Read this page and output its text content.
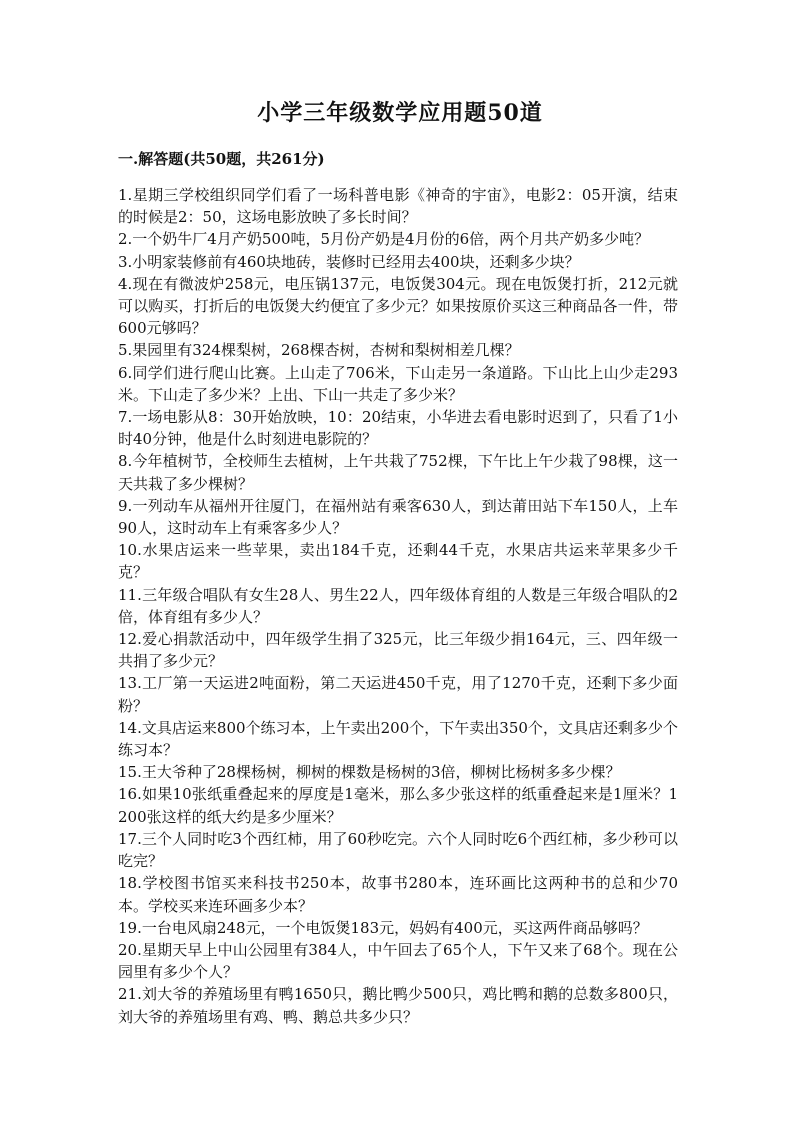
小学三年级数学应用题50道
一.解答题(共50题，共261分)
1.星期三学校组织同学们看了一场科普电影《神奇的宇宙》，电影2：05开演，结束的时候是2：50，这场电影放映了多长时间？
2.一个奶牛厂4月产奶500吨，5月份产奶是4月份的6倍，两个月共产奶多少吨？
3.小明家装修前有460块地砖，装修时已经用去400块，还剩多少块？
4.现在有微波炉258元，电压锅137元，电饭煲304元。现在电饭煲打折，212元就可以购买，打折后的电饭煲大约便宜了多少元？如果按原价买这三种商品各一件，带600元够吗？
5.果园里有324棵梨树，268棵杏树，杏树和梨树相差几棵？
6.同学们进行爬山比赛。上山走了706米，下山走另一条道路。下山比上山少走293米。下山走了多少米？上出、下山一共走了多少米？
7.一场电影从8：30开始放映，10：20结束，小华进去看电影时迟到了，只看了1小时40分钟，他是什么时刻进电影院的？
8.今年植树节，全校师生去植树，上午共栽了752棵，下午比上午少栽了98棵，这一天共栽了多少棵树？
9.一列动车从福州开往厦门，在福州站有乘客630人，到达莆田站下车150人，上车90人，这时动车上有乘客多少人？
10.水果店运来一些苹果，卖出184千克，还剩44千克，水果店共运来苹果多少千克？
11.三年级合唱队有女生28人、男生22人，四年级体育组的人数是三年级合唱队的2倍，体育组有多少人？
12.爱心捐款活动中，四年级学生捐了325元，比三年级少捐164元，三、四年级一共捐了多少元？
13.工厂第一天运进2吨面粉，第二天运进450千克，用了1270千克，还剩下多少面粉？
14.文具店运来800个练习本，上午卖出200个，下午卖出350个，文具店还剩多少个练习本？
15.王大爷种了28棵杨树，柳树的棵数是杨树的3倍，柳树比杨树多多少棵？
16.如果10张纸重叠起来的厚度是1毫米，那么多少张这样的纸重叠起来是1厘米？1200张这样的纸大约是多少厘米？
17.三个人同时吃3个西红柿，用了60秒吃完。六个人同时吃6个西红柿，多少秒可以吃完？
18.学校图书馆买来科技书250本，故事书280本，连环画比这两种书的总和少70本。学校买来连环画多少本？
19.一台电风扇248元，一个电饭煲183元，妈妈有400元，买这两件商品够吗？
20.星期天早上中山公园里有384人，中午回去了65个人，下午又来了68个。现在公园里有多少个人？
21.刘大爷的养殖场里有鸭1650只，鹅比鸭少500只，鸡比鸭和鹅的总数多800只，刘大爷的养殖场里有鸡、鸭、鹅总共多少只？
